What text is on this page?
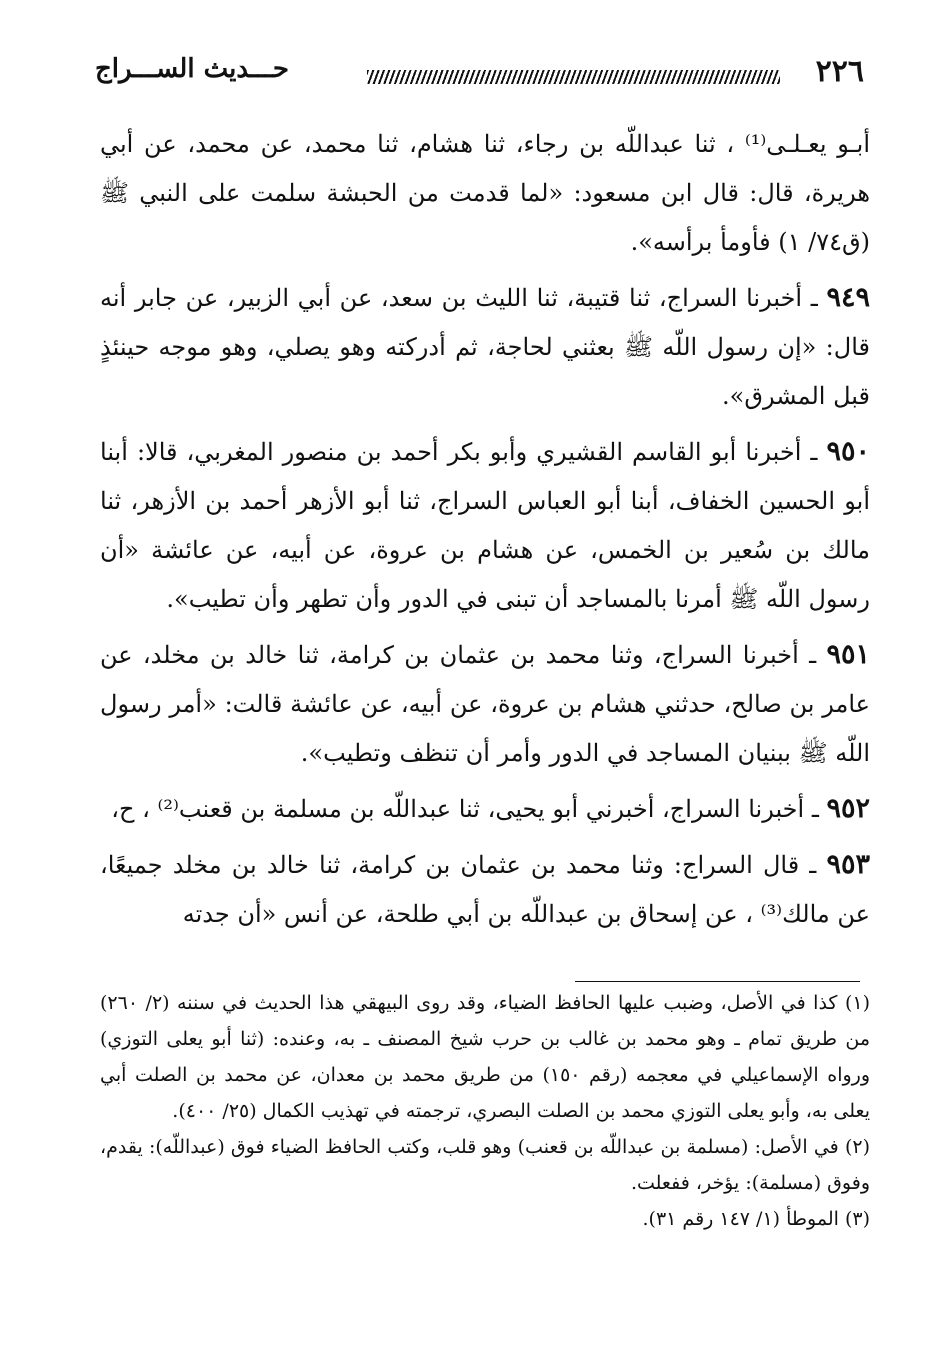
حـــديث الســـراج	٢٢٦

أبـو يعـلـى⁽¹⁾ ، ثنا عبداللّه بن رجاء، ثنا هشام، ثنا محمد، عن محمد، عن أبي هريرة، قال: قال ابن مسعود: «لما قدمت من الحبشة سلمت على النبي ﷺ (ق٧٤/ ١) فأومأ برأسه».

٩٤٩ ـ أخبرنا السراج، ثنا قتيبة، ثنا الليث بن سعد، عن أبي الزبير، عن جابر أنه قال: «إن رسول اللّه ﷺ بعثني لحاجة، ثم أدركته وهو يصلي، وهو موجه حينئذٍ قبل المشرق».

٩٥٠ ـ أخبرنا أبو القاسم القشيري وأبو بكر أحمد بن منصور المغربي، قالا: أبنا أبو الحسين الخفاف، أبنا أبو العباس السراج، ثنا أبو الأزهر أحمد بن الأزهر، ثنا مالك بن سُعير بن الخمس، عن هشام بن عروة، عن أبيه، عن عائشة «أن رسول اللّه ﷺ أمرنا بالمساجد أن تبنى في الدور وأن تطهر وأن تطيب».

٩٥١ ـ أخبرنا السراج، وثنا محمد بن عثمان بن كرامة، ثنا خالد بن مخلد، عن عامر بن صالح، حدثني هشام بن عروة، عن أبيه، عن عائشة قالت: «أمر رسول اللّه ﷺ ببنيان المساجد في الدور وأمر أن تنظف وتطيب».

٩٥٢ ـ أخبرنا السراج، أخبرني أبو يحيى، ثنا عبداللّه بن مسلمة بن قعنب⁽²⁾ ، ح،

٩٥٣ ـ قال السراج: وثنا محمد بن عثمان بن كرامة، ثنا خالد بن مخلد جميعًا، عن مالك⁽³⁾ ، عن إسحاق بن عبداللّه بن أبي طلحة، عن أنس «أن جدته

(١) كذا في الأصل، وضبب عليها الحافظ الضياء، وقد روى البيهقي هذا الحديث في سننه (٢/ ٢٦٠) من طريق تمام ـ وهو محمد بن غالب بن حرب شيخ المصنف ـ به، وعنده: (ثنا أبو يعلى التوزي) ورواه الإسماعيلي في معجمه (رقم ١٥٠) من طريق محمد بن معدان، عن محمد بن الصلت أبي يعلى به، وأبو يعلى التوزي محمد بن الصلت البصري، ترجمته في تهذيب الكمال (٢٥/ ٤٠٠).

(٢) في الأصل: (مسلمة بن عبداللّه بن قعنب) وهو قلب، وكتب الحافظ الضياء فوق (عبداللّه): يقدم، وفوق (مسلمة): يؤخر، ففعلت.

(٣) الموطأ (١/ ١٤٧ رقم ٣١).
